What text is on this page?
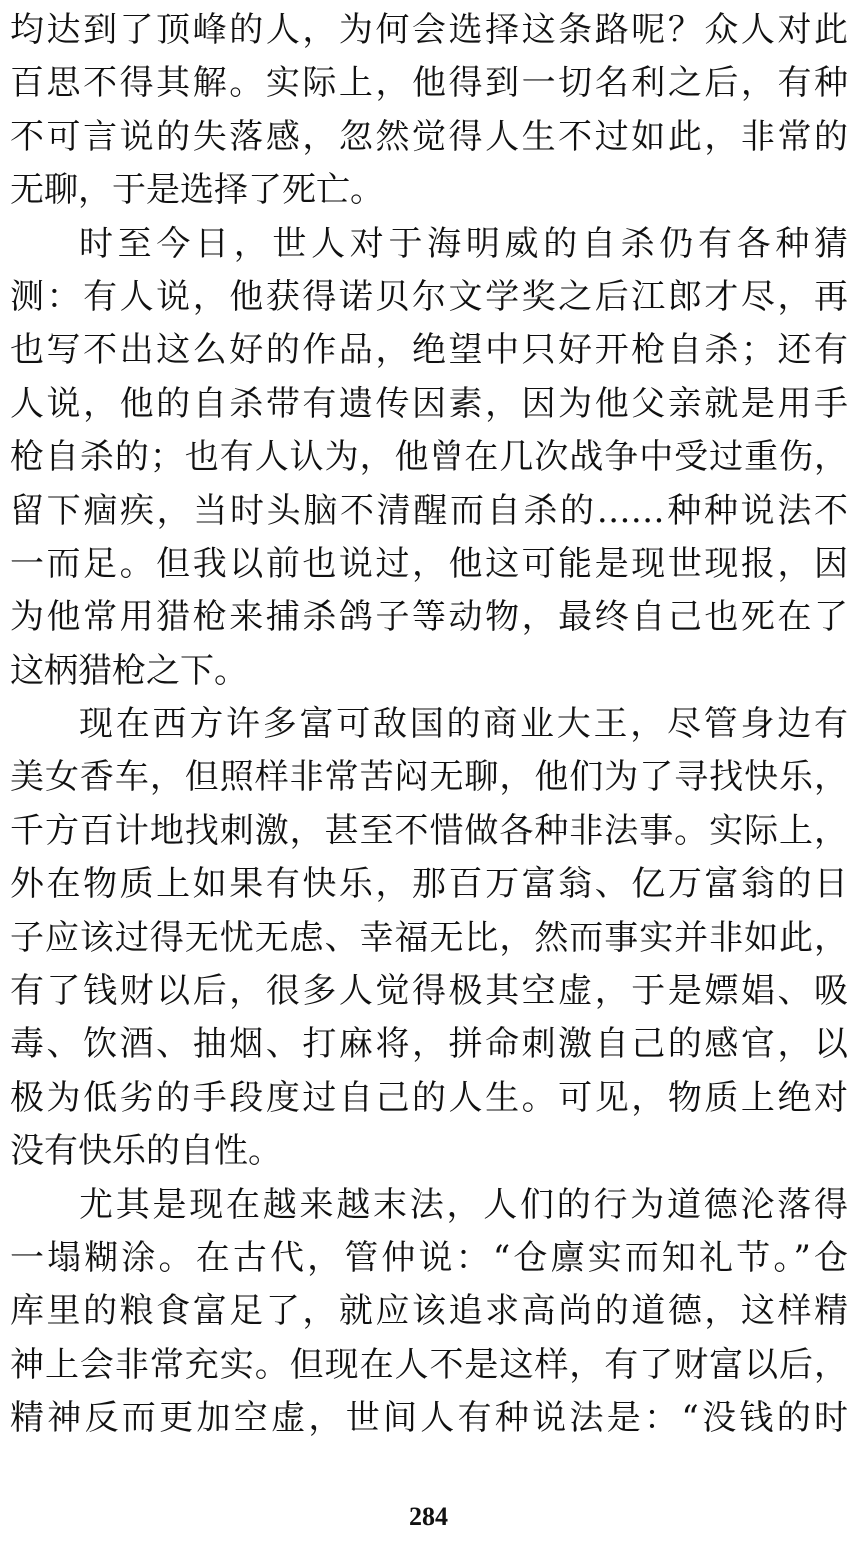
均达到了顶峰的人，为何会选择这条路呢？众人对此
百思不得其解。实际上，他得到一切名利之后，有种
不可言说的失落感，忽然觉得人生不过如此，非常的
无聊，于是选择了死亡。
时至今日，世人对于海明威的自杀仍有各种猜
测：有人说，他获得诺贝尔文学奖之后江郎才尽，再
也写不出这么好的作品，绝望中只好开枪自杀；还有
人说，他的自杀带有遗传因素，因为他父亲就是用手
枪自杀的；也有人认为，他曾在几次战争中受过重伤，
留下痼疾，当时头脑不清醒而自杀的……种种说法不
一而足。但我以前也说过，他这可能是现世现报，因
为他常用猎枪来捕杀鸽子等动物，最终自己也死在了
这柄猎枪之下。
现在西方许多富可敌国的商业大王，尽管身边有
美女香车，但照样非常苦闷无聊，他们为了寻找快乐，
千方百计地找刺激，甚至不惜做各种非法事。实际上，
外在物质上如果有快乐，那百万富翁、亿万富翁的日
子应该过得无忧无虑、幸福无比，然而事实并非如此，
有了钱财以后，很多人觉得极其空虚，于是嫖娼、吸
毒、饮酒、抽烟、打麻将，拼命刺激自己的感官，以
极为低劣的手段度过自己的人生。可见，物质上绝对
没有快乐的自性。
尤其是现在越来越末法，人们的行为道德沦落得
一塌糊涂。在古代，管仲说：“仓廪实而知礼节。”仓
库里的粮食富足了，就应该追求高尚的道德，这样精
神上会非常充实。但现在人不是这样，有了财富以后，
精神反而更加空虚，世间人有种说法是：“没钱的时
284
